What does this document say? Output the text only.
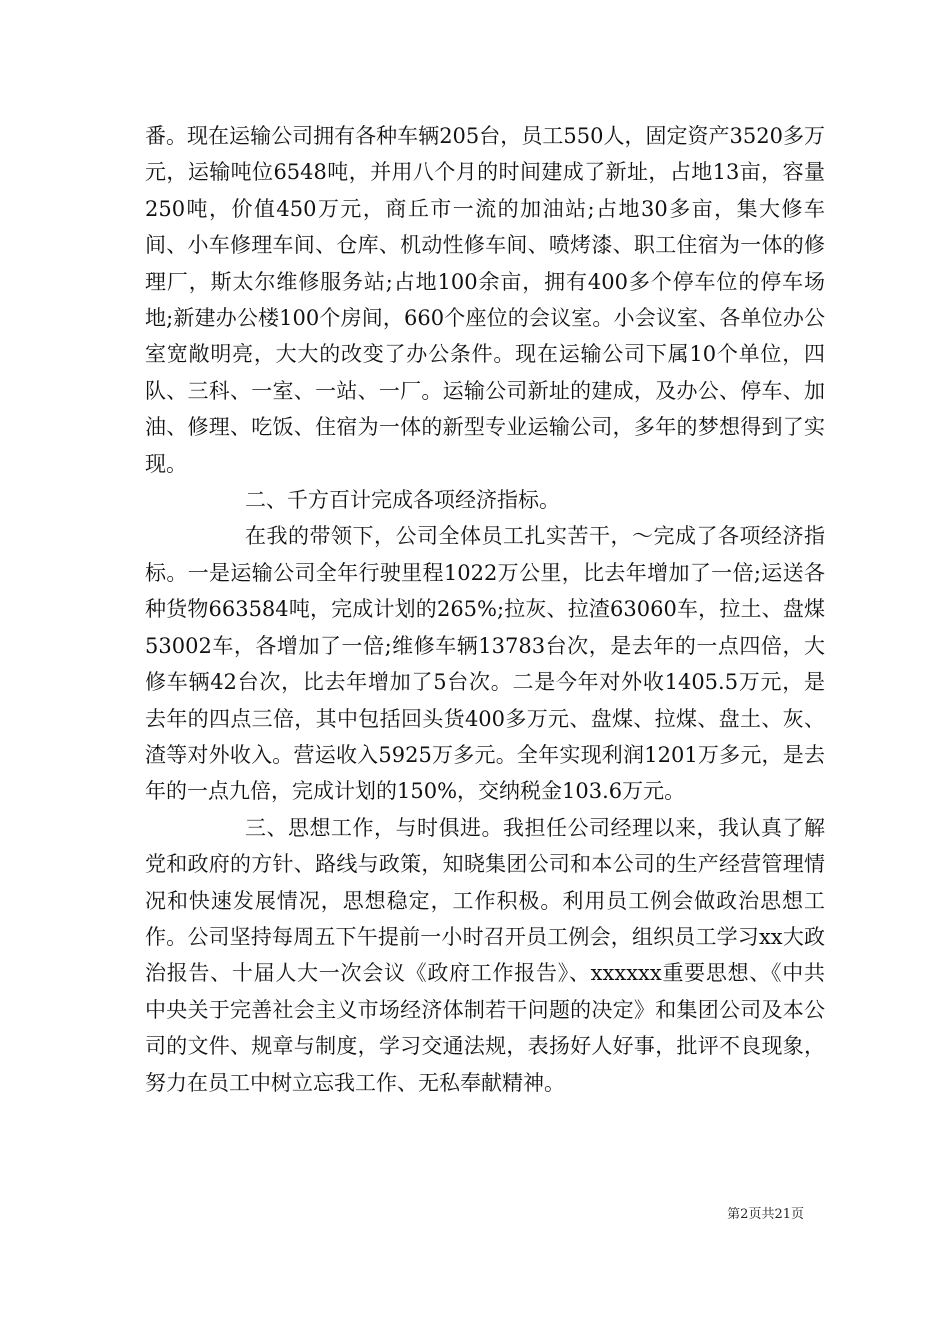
番。现在运输公司拥有各种车辆205台，员工550人，固定资产3520多万元，运输吨位6548吨，并用八个月的时间建成了新址，占地13亩，容量250吨，价值450万元，商丘市一流的加油站;占地30多亩，集大修车间、小车修理车间、仓库、机动性修车间、喷烤漆、职工住宿为一体的修理厂，斯太尔维修服务站;占地100余亩，拥有400多个停车位的停车场地;新建办公楼100个房间，660个座位的会议室。小会议室、各单位办公室宽敞明亮，大大的改变了办公条件。现在运输公司下属10个单位，四队、三科、一室、一站、一厂。运输公司新址的建成，及办公、停车、加油、修理、吃饭、住宿为一体的新型专业运输公司，多年的梦想得到了实现。

二、千方百计完成各项经济指标。

在我的带领下，公司全体员工扎实苦干，～完成了各项经济指标。一是运输公司全年行驶里程1022万公里，比去年增加了一倍;运送各种货物663584吨，完成计划的265%;拉灰、拉渣63060车，拉土、盘煤53002车，各增加了一倍;维修车辆13783台次，是去年的一点四倍，大修车辆42台次，比去年增加了5台次。二是今年对外收1405.5万元，是去年的四点三倍，其中包括回头货400多万元、盘煤、拉煤、盘土、灰、渣等对外收入。营运收入5925万多元。全年实现利润1201万多元，是去年的一点九倍，完成计划的150%，交纳税金103.6万元。

三、思想工作，与时俱进。我担任公司经理以来，我认真了解党和政府的方针、路线与政策，知晓集团公司和本公司的生产经营管理情况和快速发展情况，思想稳定，工作积极。利用员工例会做政治思想工作。公司坚持每周五下午提前一小时召开员工例会，组织员工学习xx大政治报告、十届人大一次会议《政府工作报告》、xxxxxx重要思想、《中共中央关于完善社会主义市场经济体制若干问题的决定》和集团公司及本公司的文件、规章与制度，学习交通法规，表扬好人好事，批评不良现象，努力在员工中树立忘我工作、无私奉献精神。

第2页共21页
